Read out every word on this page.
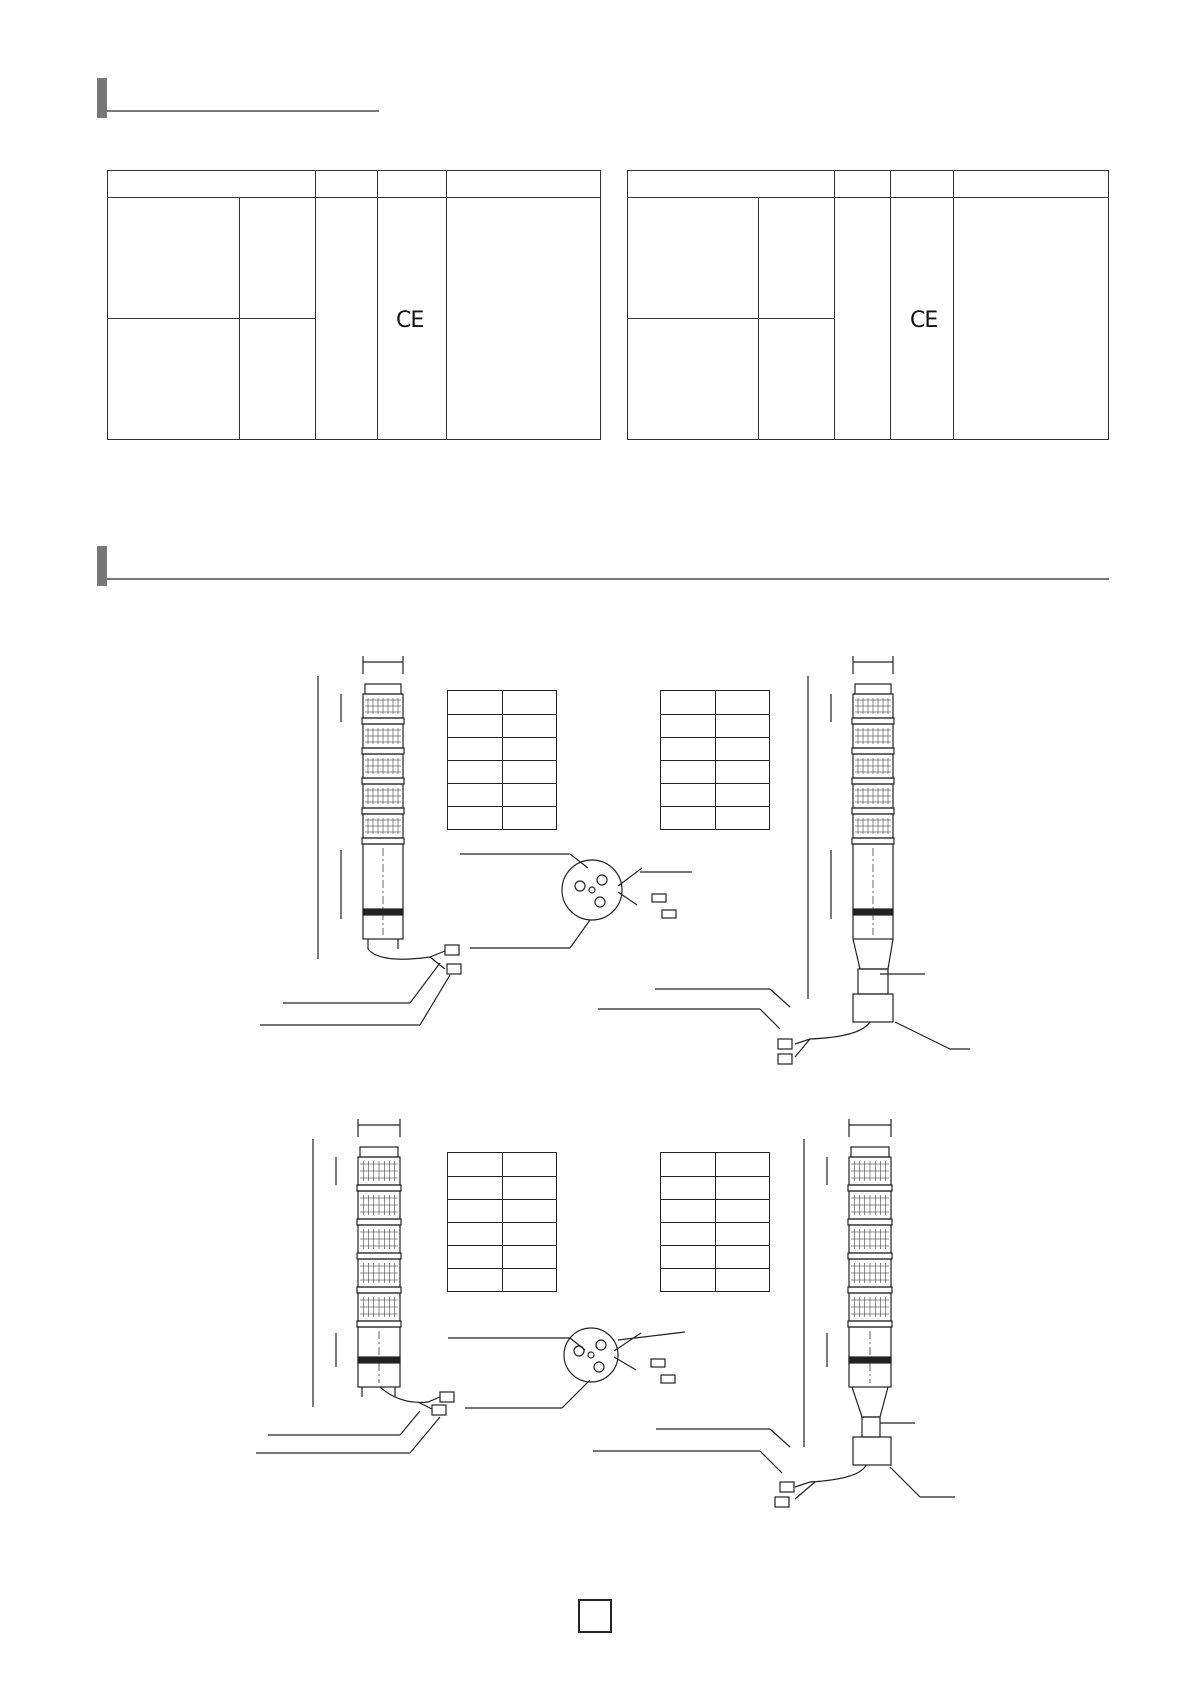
CE	CE
